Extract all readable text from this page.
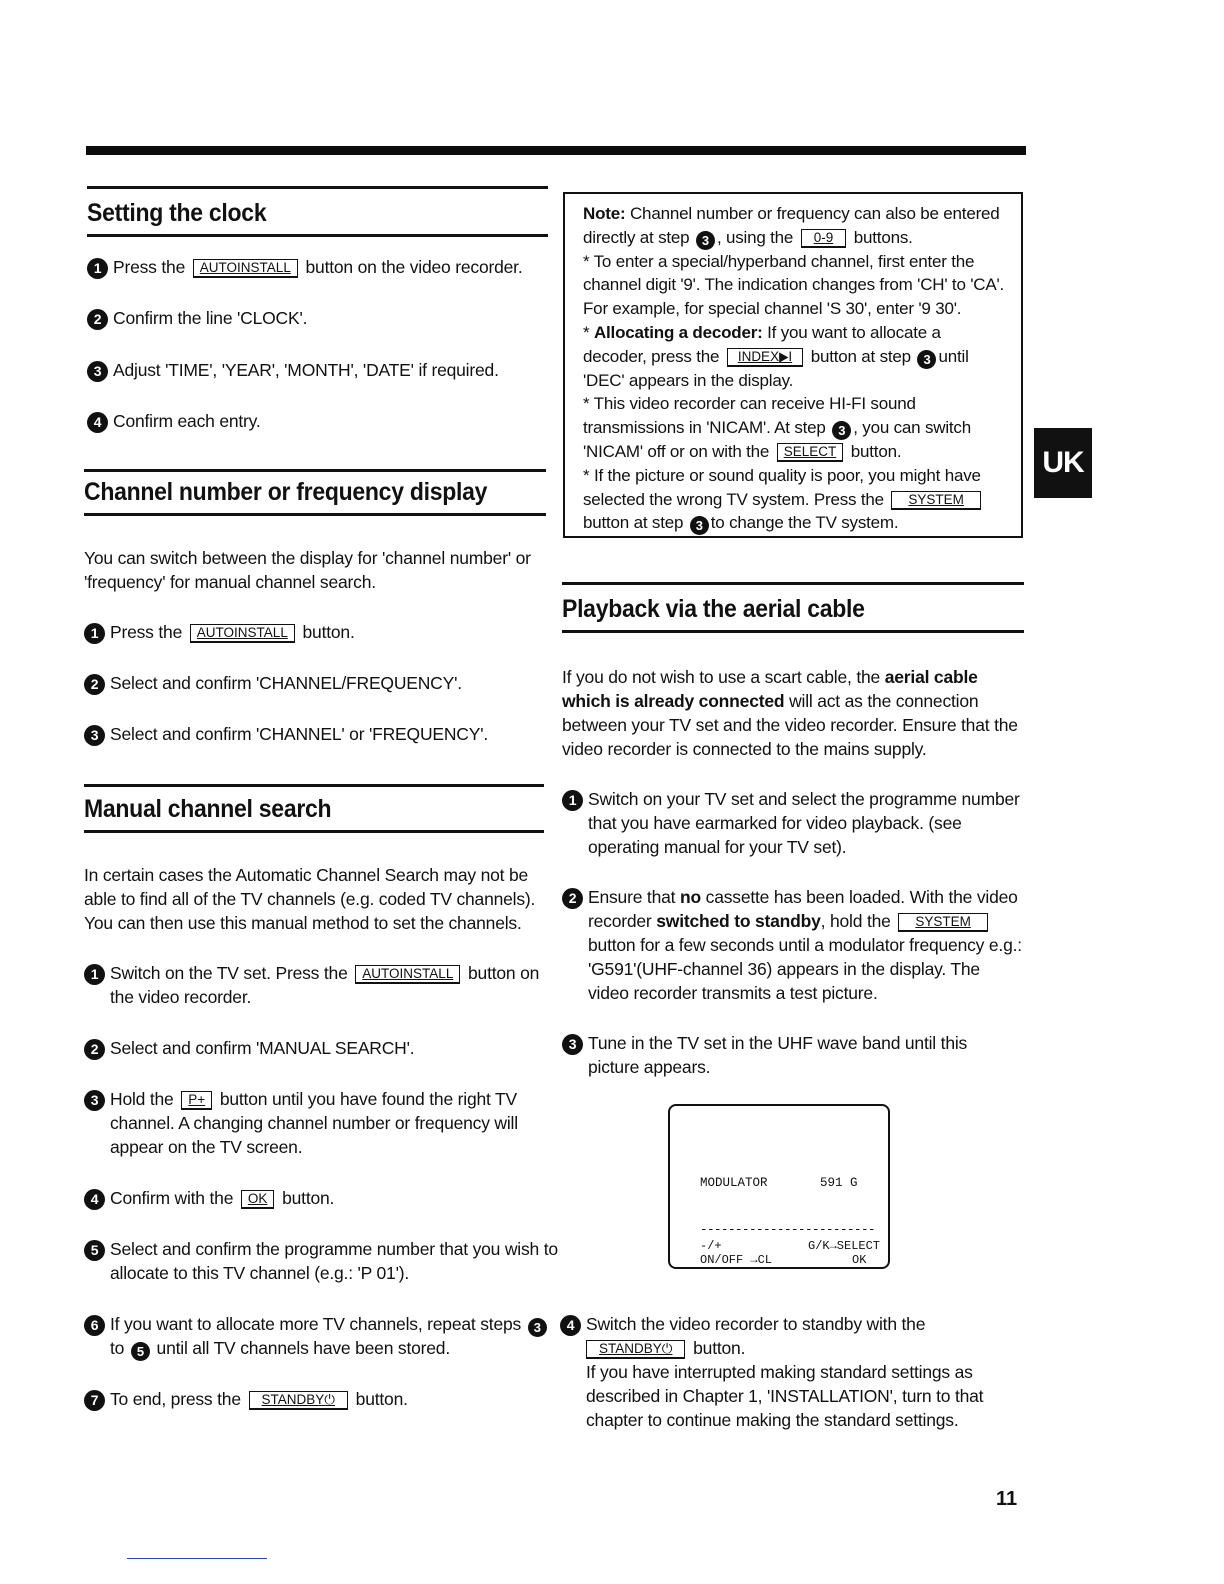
Setting the clock
1 Press the AUTOINSTALL button on the video recorder.
2 Confirm the line 'CLOCK'.
3 Adjust 'TIME', 'YEAR', 'MONTH', 'DATE' if required.
4 Confirm each entry.
Channel number or frequency display

You can switch between the display for 'channel number' or 'frequency' for manual channel search.

1 Press the AUTOINSTALL button.
2 Select and confirm 'CHANNEL/FREQUENCY'.
3 Select and confirm 'CHANNEL' or 'FREQUENCY'.
Manual channel search

In certain cases the Automatic Channel Search may not be able to find all of the TV channels (e.g. coded TV channels). You can then use this manual method to set the channels.

1 Switch on the TV set. Press the AUTOINSTALL button on the video recorder.
2 Select and confirm 'MANUAL SEARCH'.
3 Hold the P+ button until you have found the right TV channel. A changing channel number or frequency will appear on the TV screen.
4 Confirm with the OK button.
5 Select and confirm the programme number that you wish to allocate to this TV channel (e.g.: 'P 01').
6 If you want to allocate more TV channels, repeat steps 3 to 5 until all TV channels have been stored.
7 To end, press the STANDBY⏻ button.

Note: Channel number or frequency can also be entered directly at step 3 , using the 0-9 buttons.

* To enter a special/hyperband channel, first enter the channel digit '9'. The indication changes from 'CH' to 'CA'. For example, for special channel 'S 30', enter '9 30'.

* Allocating a decoder: If you want to allocate a decoder, press the INDEX▶I button at step 3 until 'DEC' appears in the display.

* This video recorder can receive HI-FI sound transmissions in 'NICAM'. At step 3 , you can switch 'NICAM' off or on with the SELECT button.

* If the picture or sound quality is poor, you might have selected the wrong TV system. Press the SYSTEM button at step 3 to change the TV system.

UK
Playback via the aerial cable

If you do not wish to use a scart cable, the aerial cable which is already connected will act as the connection between your TV set and the video recorder. Ensure that the video recorder is connected to the mains supply.

1 Switch on your TV set and select the programme number that you have earmarked for video playback. (see operating manual for your TV set).
2 Ensure that no cassette has been loaded. With the video recorder switched to standby, hold the SYSTEM button for a few seconds until a modulator frequency e.g.: 'G591'(UHF-channel 36) appears in the display. The video recorder transmits a test picture.
3 Tune in the TV set in the UHF wave band until this picture appears.
MODULATOR	591 G
-------------------------
-/+	G/K→SELECT
ON/OFF →CL	OK
4 Switch the video recorder to standby with the
STANDBY⏻ button.
If you have interrupted making standard settings as described in Chapter 1, 'INSTALLATION', turn to that chapter to continue making the standard settings.
11
